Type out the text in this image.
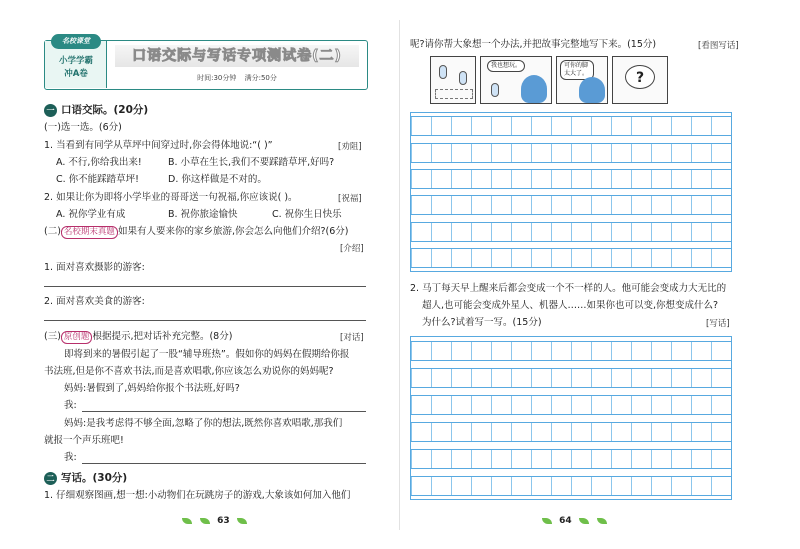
小学学霸
冲A卷
名校课堂
口语交际与写话专项测试卷(二)
时间:30分钟 满分:50分
一 口语交际。(20分)
(一)选一选。(6分)
1. 当看到有同学从草坪中间穿过时,你会得体地说:“( )”	[劝阻]
A. 不行,你给我出来!	B. 小草在生长,我们不要踩踏草坪,好吗?
C. 你不能踩踏草坪!	D. 你这样做是不对的。
2. 如果让你为即将小学毕业的哥哥送一句祝福,你应该说( )。	[祝福]
A. 祝你学业有成	B. 祝你旅途愉快	C. 祝你生日快乐
(二) 名校期末真题 如果有人要来你的家乡旅游,你会怎么向他们介绍?(6分)
[介绍]
1. 面对喜欢摄影的游客:
2. 面对喜欢美食的游客:
(三) 原创题 根据提示,把对话补充完整。(8分)	[对话]
即将到来的暑假引起了一股“辅导班热”。假如你的妈妈在假期给你报
书法班,但是你不喜欢书法,而是喜欢唱歌,你应该怎么劝说你的妈妈呢?
妈妈:暑假到了,妈妈给你报个书法班,好吗?
我:
妈妈:是我考虑得不够全面,忽略了你的想法,既然你喜欢唱歌,那我们
就报一个声乐班吧!
我:
二 写话。(30分)
1. 仔细观察图画,想一想:小动物们在玩跳房子的游戏,大象该如何加入他们
63
呢?请你帮大象想一个办法,并把故事完整地写下来。(15分)	[看图写话]
我也想玩。	可你的脚太大了。	?
2. 马丁每天早上醒来后都会变成一个不一样的人。他可能会变成力大无比的
超人,也可能会变成外星人、机器人……如果你也可以变,你想变成什么?
为什么?试着写一写。(15分)	[写话]
64
